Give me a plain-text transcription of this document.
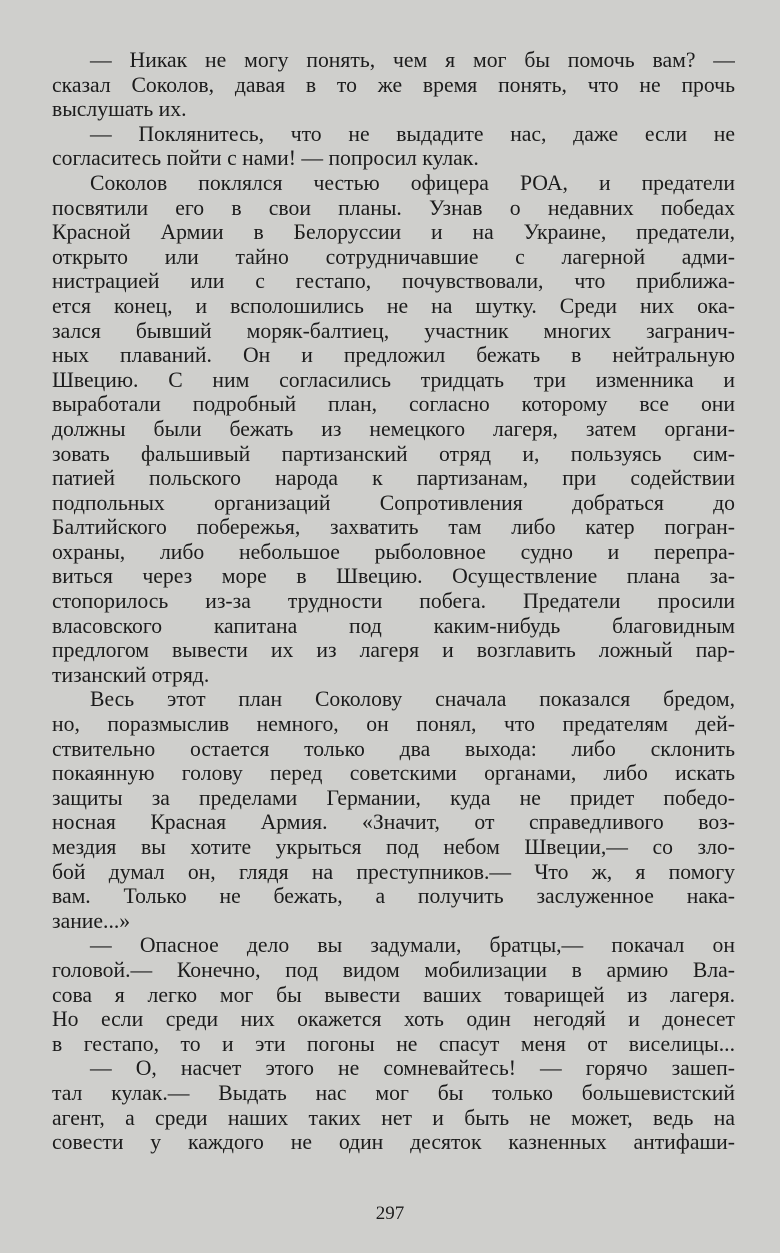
— Никак не могу понять, чем я мог бы помочь вам? —
сказал Соколов, давая в то же время понять, что не прочь
выслушать их.
— Поклянитесь, что не выдадите нас, даже если не
согласитесь пойти с нами! — попросил кулак.
Соколов поклялся честью офицера РОА, и предатели
посвятили его в свои планы. Узнав о недавних победах
Красной Армии в Белоруссии и на Украине, предатели,
открыто или тайно сотрудничавшие с лагерной адми-
нистрацией или с гестапо, почувствовали, что приближа-
ется конец, и всполошились не на шутку. Среди них ока-
зался бывший моряк-балтиец, участник многих загранич-
ных плаваний. Он и предложил бежать в нейтральную
Швецию. С ним согласились тридцать три изменника и
выработали подробный план, согласно которому все они
должны были бежать из немецкого лагеря, затем органи-
зовать фальшивый партизанский отряд и, пользуясь сим-
патией польского народа к партизанам, при содействии
подпольных организаций Сопротивления добраться до
Балтийского побережья, захватить там либо катер погран-
охраны, либо небольшое рыболовное судно и перепра-
виться через море в Швецию. Осуществление плана за-
стопорилось из-за трудности побега. Предатели просили
власовского капитана под каким-нибудь благовидным
предлогом вывести их из лагеря и возглавить ложный пар-
тизанский отряд.
Весь этот план Соколову сначала показался бредом,
но, поразмыслив немного, он понял, что предателям дей-
ствительно остается только два выхода: либо склонить
покаянную голову перед советскими органами, либо искать
защиты за пределами Германии, куда не придет победо-
носная Красная Армия. «Значит, от справедливого воз-
мездия вы хотите укрыться под небом Швеции,— со зло-
бой думал он, глядя на преступников.— Что ж, я помогу
вам. Только не бежать, а получить заслуженное нака-
зание...»
— Опасное дело вы задумали, братцы,— покачал он
головой.— Конечно, под видом мобилизации в армию Вла-
сова я легко мог бы вывести ваших товарищей из лагеря.
Но если среди них окажется хоть один негодяй и донесет
в гестапо, то и эти погоны не спасут меня от виселицы...
— О, насчет этого не сомневайтесь! — горячо зашеп-
тал кулак.— Выдать нас мог бы только большевистский
агент, а среди наших таких нет и быть не может, ведь на
совести у каждого не один десяток казненных антифаши-
297
